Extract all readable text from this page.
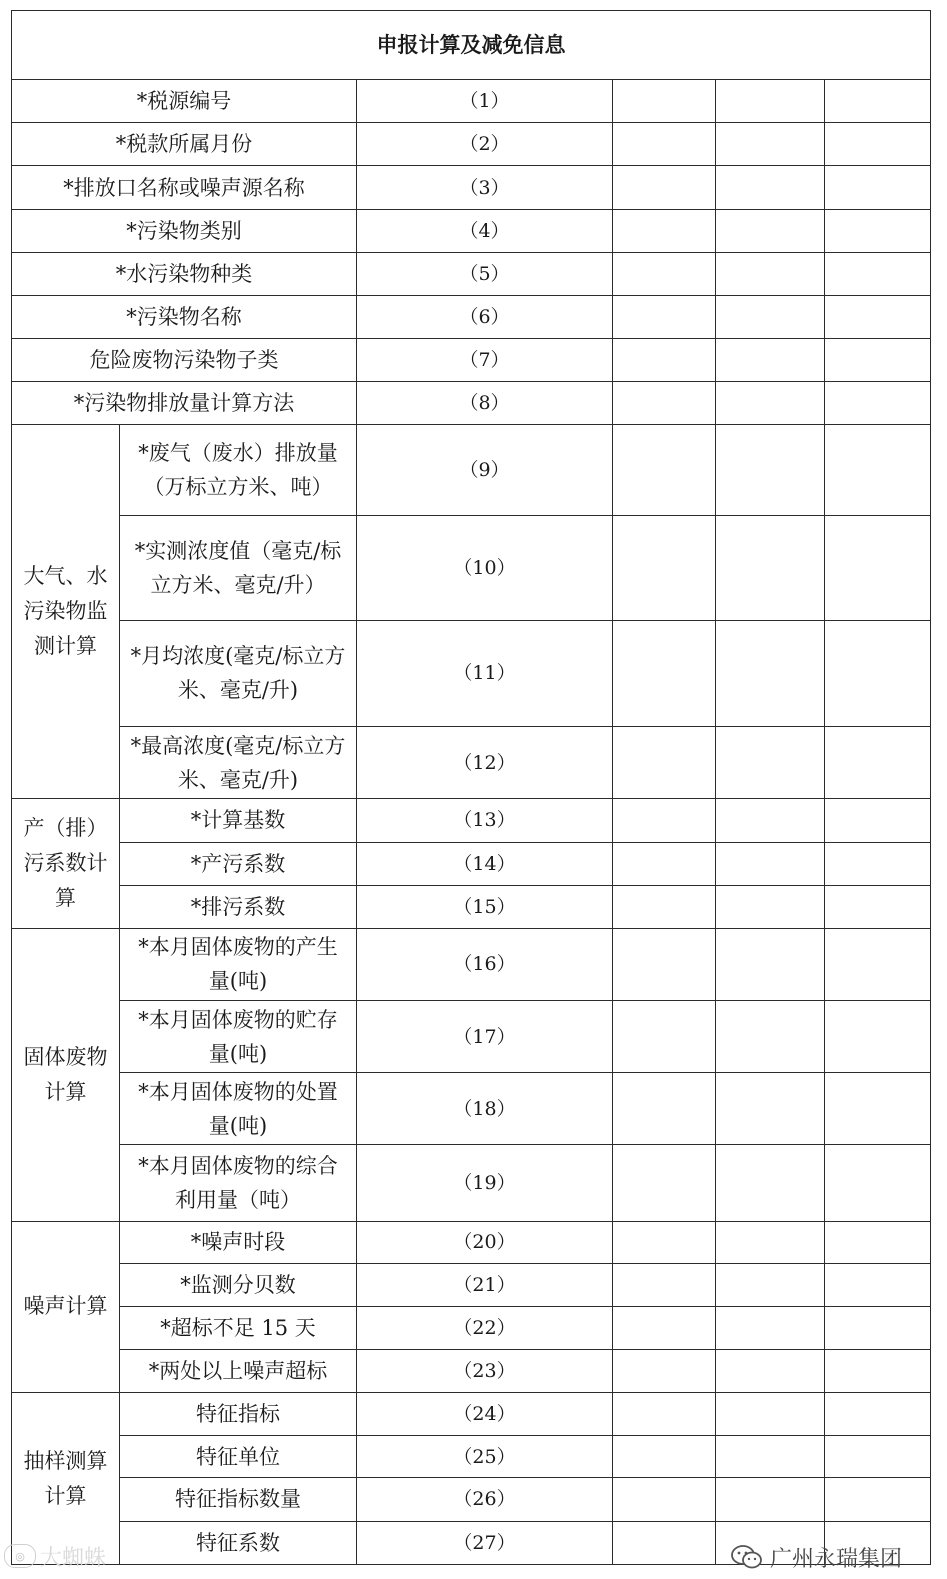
申报计算及减免信息					
*税源编号		（1）			
*税款所属月份		（2）			
*排放口名称或噪声源名称		（3）			
*污染物类别		（4）			
*水污染物种类		（5）			
*污染物名称		（6）			
危险废物污染物子类		（7）			
*污染物排放量计算方法		（8）			
大气、水污染物监测计算	*废气（废水）排放量（万标立方米、吨）	（9）			
	*实测浓度值（毫克/标立方米、毫克/升）	（10）			
	*月均浓度(毫克/标立方米、毫克/升)	（11）			
	*最高浓度(毫克/标立方米、毫克/升)	（12）			
产（排）污系数计算	*计算基数	（13）			
	*产污系数	（14）			
	*排污系数	（15）			
固体废物计算	*本月固体废物的产生量(吨)	（16）			
	*本月固体废物的贮存量(吨)	（17）			
	*本月固体废物的处置量(吨)	（18）			
	*本月固体废物的综合利用量（吨）	（19）			
噪声计算	*噪声时段	（20）			
	*监测分贝数	（21）			
	*超标不足 15 天	（22）			
	*两处以上噪声超标	（23）			
抽样测算计算	特征指标	（24）			
	特征单位	（25）			
	特征指标数量	（26）			
	特征系数	（27）			
◎ 大蜘蛛	广州永瑞集团
